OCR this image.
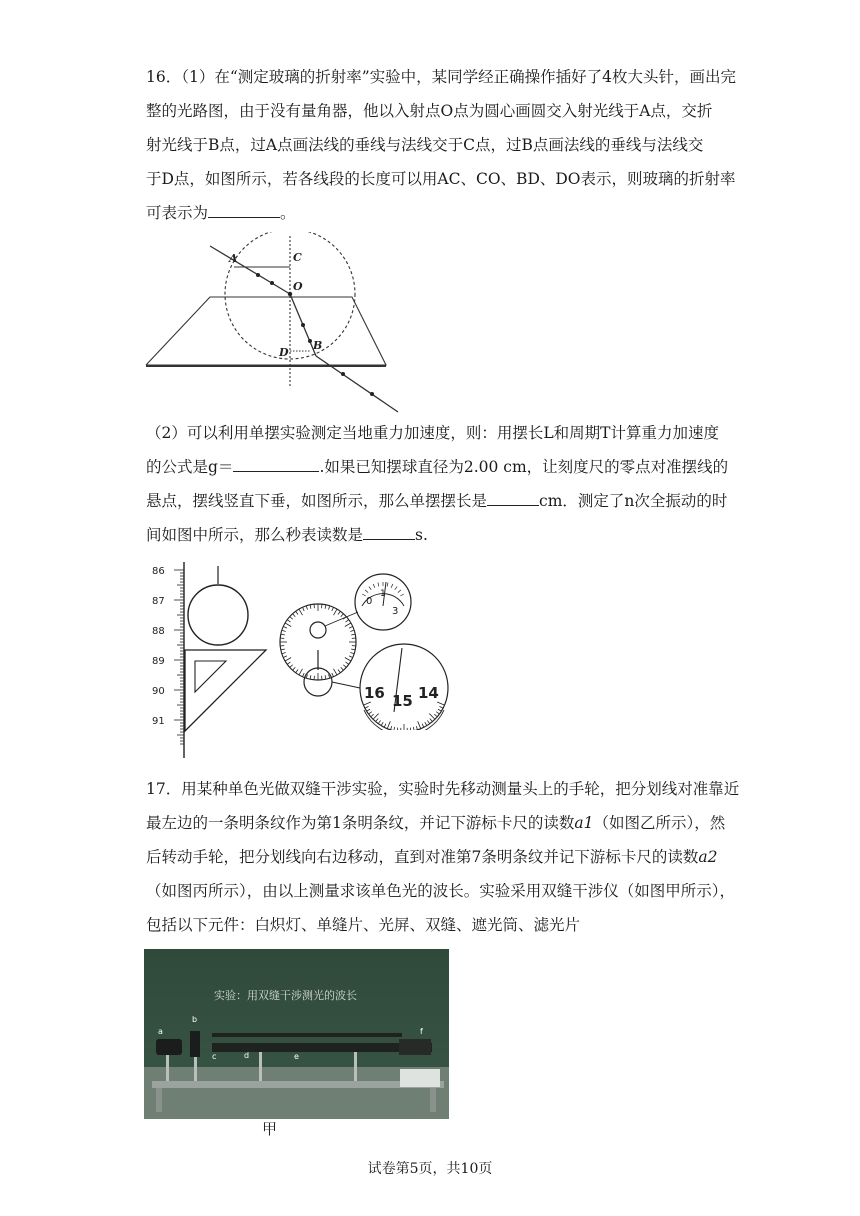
16．（1）在“测定玻璃的折射率”实验中，某同学经正确操作插好了4枚大头针，画出完

整的光路图，由于没有量角器，他以入射点O点为圆心画圆交入射光线于A点，交折

射光线于B点，过A点画法线的垂线与法线交于C点，过B点画法线的垂线与法线交

于D点，如图所示，若各线段的长度可以用AC、CO、BD、DO表示，则玻璃的折射率

可表示为	。

A	C
O
D
B

（2）可以利用单摆实验测定当地重力加速度，则：用摆长L和周期T计算重力加速度

的公式是g＝	.如果已知摆球直径为2.00 cm，让刻度尺的零点对准摆线的

悬点，摆线竖直下垂，如图所示，那么单摆摆长是	cm．测定了n次全振动的时

间如图中所示，那么秒表读数是	s.

86
87
88
89
90
91
0
1
3
16 15 14

17．用某种单色光做双缝干涉实验，实验时先移动测量头上的手轮，把分划线对准靠近

最左边的一条明条纹作为第1条明条纹，并记下游标卡尺的读数a1（如图乙所示），然

后转动手轮，把分划线向右边移动，直到对准第7条明条纹并记下游标卡尺的读数a2

（如图丙所示），由以上测量求该单色光的波长。实验采用双缝干涉仪（如图甲所示），

包括以下元件：白炽灯、单缝片、光屏、双缝、遮光筒、滤光片

实验：用双缝干涉测光的波长
a
b
c	d	e
f
甲
试卷第5页，共10页
